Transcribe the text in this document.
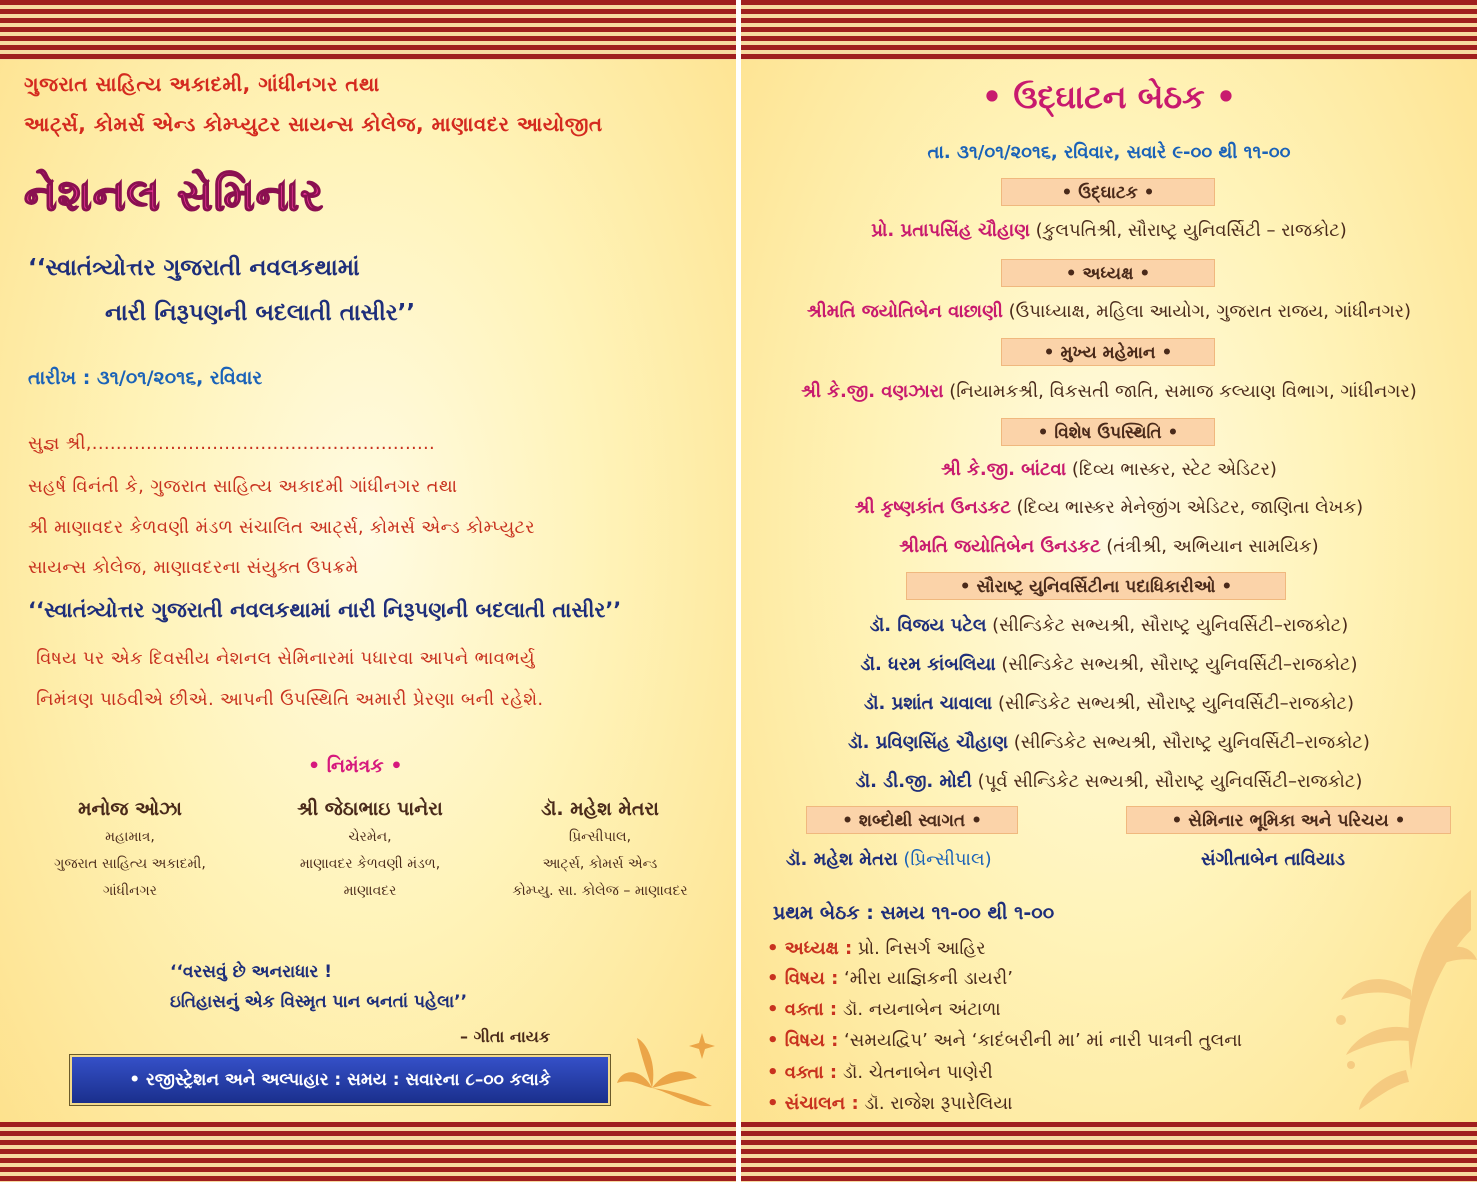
ગુજરાત સાહિત્ય અકાદમી, ગાંધીનગર તથા
આર્ટ્સ, કોમર્સ એન્ડ કોમ્પ્યુટર સાયન્સ કોલેજ, માણાવદર આયોજીત
નેશનલ સેમિનાર
‘‘સ્વાતંત્ર્યોત્તર ગુજરાતી નવલકથામાં
નારી નિરૂપણની બદલાતી તાસીર’’
તારીખ : ૩૧/૦૧/૨૦૧૬, રવિવાર
સુજ્ઞ શ્રી,.........................................................
સહર્ષ વિનંતી કે, ગુજરાત સાહિત્ય અકાદમી ગાંધીનગર તથા
શ્રી માણાવદર કેળવણી મંડળ સંચાલિત આર્ટ્સ, કોમર્સ એન્ડ કોમ્પ્યુટર
સાયન્સ કોલેજ, માણાવદરના સંયુક્ત ઉપક્રમે
‘‘સ્વાતંત્ર્યોત્તર ગુજરાતી નવલકથામાં નારી નિરૂપણની બદલાતી તાસીર’’
વિષય પર એક દિવસીય નેશનલ સેમિનારમાં પધારવા આપને ભાવભર્યુ
નિમંત્રણ પાઠવીએ છીએ. આપની ઉપસ્થિતિ અમારી પ્રેરણા બની રહેશે.
• નિમંત્રક •
મનોજ ઓઝા
મહામાત્ર,
ગુજરાત સાહિત્ય અકાદમી,
ગાંધીનગર
શ્રી જેઠાભાઇ પાનેરા
ચેરમેન,
માણાવદર કેળવણી મંડળ,
માણાવદર
ડૉ. મહેશ મેતરા
પ્રિન્સીપાલ,
આર્ટ્સ, કોમર્સ એન્ડ
કોમ્પ્યુ. સા. કોલેજ – માણાવદર
‘‘વરસવું છે અનરાધાર !
ઇતિહાસનું એક વિસ્મૃત પાન બનતાં પહેલા’’
– ગીતા નાયક
• રજીસ્ટ્રેશન અને અલ્પાહાર : સમય : સવારના ૮–૦૦ કલાકે
• ઉદ્‌ઘાટન બેઠક •
તા. ૩૧/૦૧/૨૦૧૬, રવિવાર, સવારે ૯-૦૦ થી ૧૧-૦૦
• ઉદ્‌ઘાટક •
પ્રો. પ્રતાપસિંહ ચૌહાણ (કુલપતિશ્રી, સૌરાષ્ટ્ર યુનિવર્સિટી – રાજકોટ)
• અધ્યક્ષ •
શ્રીમતિ જયોતિબેન વાછાણી (ઉપાધ્યાક્ષ, મહિલા આયોગ, ગુજરાત રાજય, ગાંધીનગર)
• મુખ્ય મહેમાન •
શ્રી કે.જી. વણઝારા (નિયામકશ્રી, વિકસતી જાતિ, સમાજ કલ્યાણ વિભાગ, ગાંધીનગર)
• વિશેષ ઉપસ્થિતિ •
શ્રી કે.જી. બાંટવા (દિવ્ય ભાસ્કર, સ્ટેટ એડિટર)
શ્રી કૃષ્ણકાંત ઉનડકટ (દિવ્ય ભાસ્કર મેનેજીંગ એડિટર, જાણિતા લેખક)
શ્રીમતિ જયોતિબેન ઉનડકટ (તંત્રીશ્રી, અભિયાન સામયિક)
• સૌરાષ્ટ્ર યુનિવર્સિટીના પદાધિકારીઓ •
ડૉ. વિજય પટેલ (સીન્ડિકેટ સભ્યશ્રી, સૌરાષ્ટ્ર યુનિવર્સિટી–રાજકોટ)
ડૉ. ધરમ કાંબલિયા (સીન્ડિકેટ સભ્યશ્રી, સૌરાષ્ટ્ર યુનિવર્સિટી–રાજકોટ)
ડૉ. પ્રશાંત ચાવાલા (સીન્ડિકેટ સભ્યશ્રી, સૌરાષ્ટ્ર યુનિવર્સિટી–રાજકોટ)
ડૉ. પ્રવિણસિંહ ચૌહાણ (સીન્ડિકેટ સભ્યશ્રી, સૌરાષ્ટ્ર યુનિવર્સિટી–રાજકોટ)
ડૉ. ડી.જી. મોદી (પૂર્વ સીન્ડિકેટ સભ્યશ્રી, સૌરાષ્ટ્ર યુનિવર્સિટી–રાજકોટ)
• શબ્દોથી સ્વાગત •	• સેમિનાર ભૂમિકા અને પરિચય •
ડૉ. મહેશ મેતરા (પ્રિન્સીપાલ)	સંગીતાબેન તાવિયાડ
પ્રથમ બેઠક : સમય ૧૧-૦૦ થી ૧-૦૦
• અધ્યક્ષ : પ્રો. નિસર્ગ આહિર
• વિષય : ‘મીરા યાજ્ઞિકની ડાયરી’
• વક્તા : ડૉ. નયનાબેન અંટાળા
• વિષય : ‘સમયદ્વિપ’ અને ‘કાદંબરીની મા’ માં નારી પાત્રની તુલના
• વક્તા : ડૉ. ચેતનાબેન પાણેરી
• સંચાલન : ડૉ. રાજેશ રૂપારેલિયા
